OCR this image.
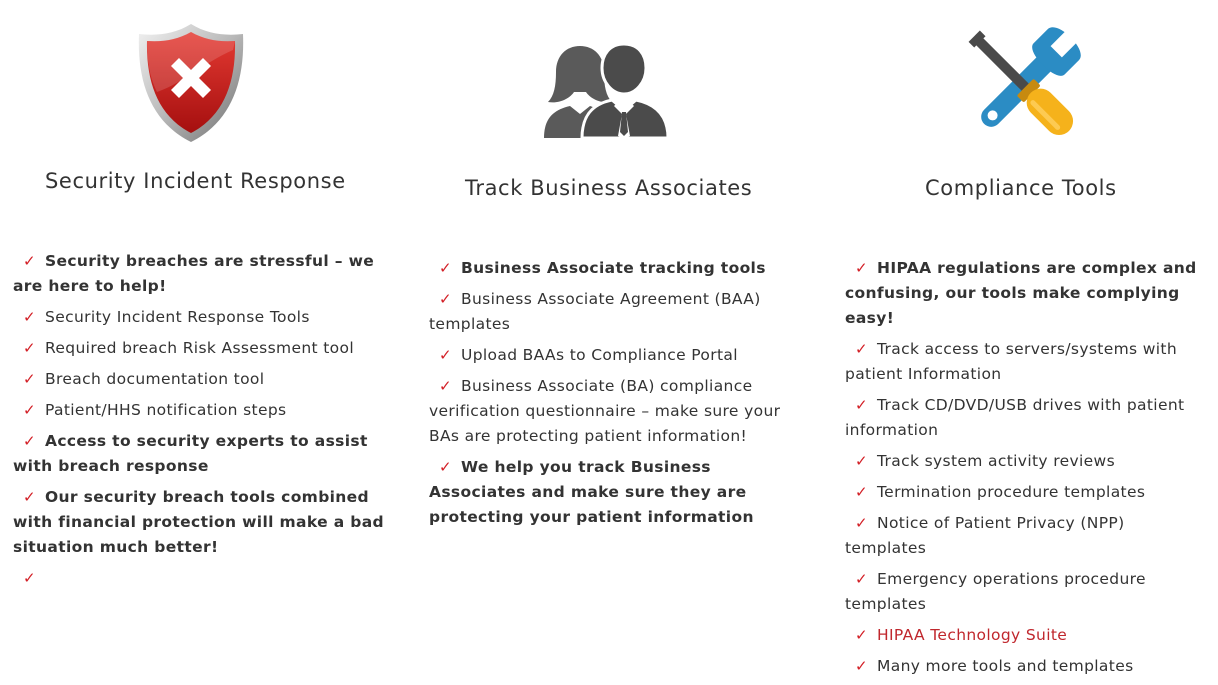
Security Incident Response
✓ Security breaches are stressful – we are here to help!
✓ Security Incident Response Tools
✓ Required breach Risk Assessment tool
✓ Breach documentation tool
✓ Patient/HHS notification steps
✓ Access to security experts to assist with breach response
✓ Our security breach tools combined with financial protection will make a bad situation much better!
✓
Track Business Associates
✓ Business Associate tracking tools
✓ Business Associate Agreement (BAA) templates
✓ Upload BAAs to Compliance Portal
✓ Business Associate (BA) compliance verification questionnaire – make sure your BAs are protecting patient information!
✓ We help you track Business Associates and make sure they are protecting your patient information
Compliance Tools
✓ HIPAA regulations are complex and confusing, our tools make complying easy!
✓ Track access to servers/systems with patient Information
✓ Track CD/DVD/USB drives with patient information
✓ Track system activity reviews
✓ Termination procedure templates
✓ Notice of Patient Privacy (NPP) templates
✓ Emergency operations procedure templates
✓ HIPAA Technology Suite
✓ Many more tools and templates
